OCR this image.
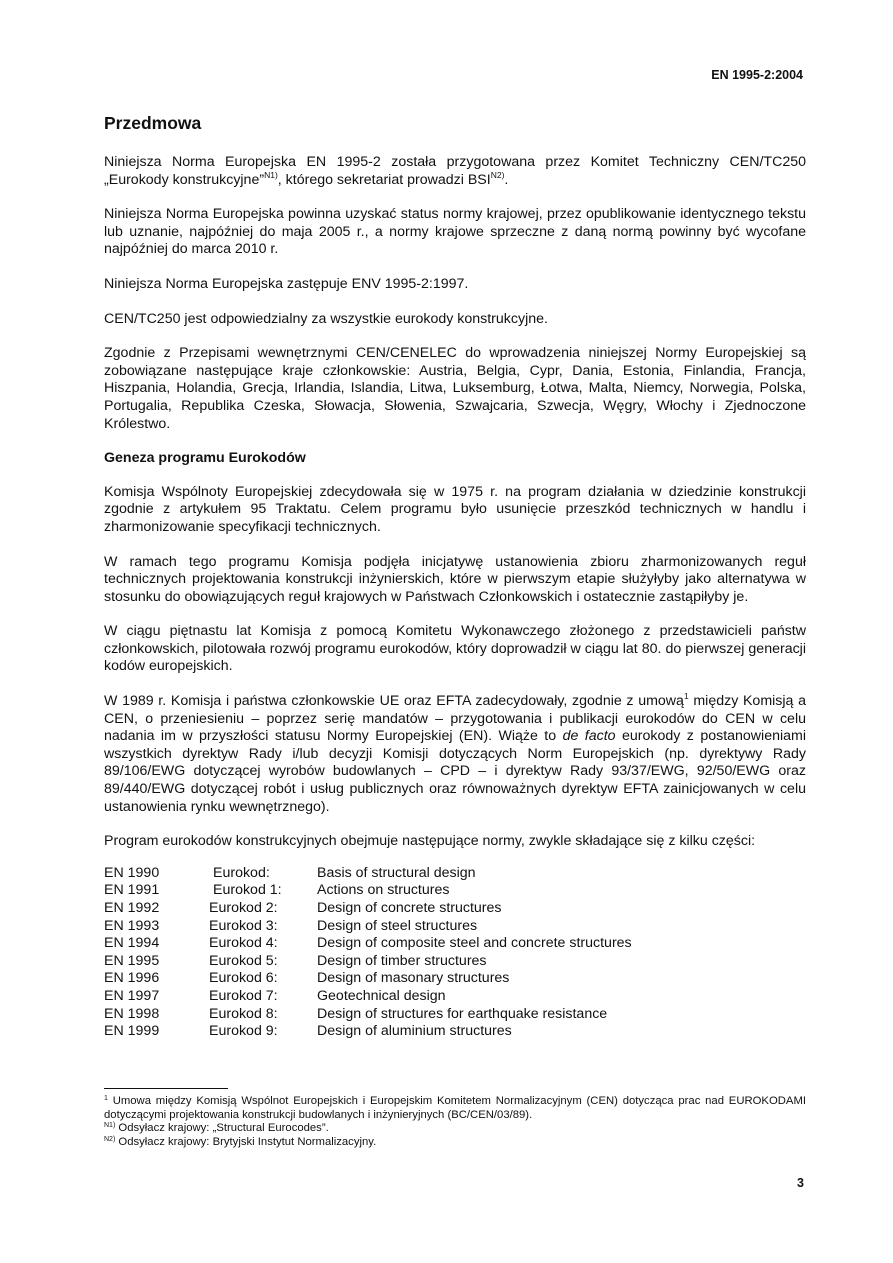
EN 1995-2:2004
Przedmowa

Niniejsza Norma Europejska EN 1995-2 została przygotowana przez Komitet Techniczny CEN/TC250 „Eurokody konstrukcyjne”$^{N1)}$, którego sekretariat prowadzi $BSI^{N2)}$.

Niniejsza Norma Europejska powinna uzyskać status normy krajowej, przez opublikowanie identycznego tekstu lub uznanie, najpóźniej do maja 2005 r., a normy krajowe sprzeczne z daną normą powinny być wycofane najpóźniej do marca 2010 r.

Niniejsza Norma Europejska zastępuje ENV 1995-2:1997.

CEN/TC250 jest odpowiedzialny za wszystkie eurokody konstrukcyjne.

Zgodnie z Przepisami wewnętrznymi CEN/CENELEC do wprowadzenia niniejszej Normy Europejskiej są zobowiązane następujące kraje członkowskie: Austria, Belgia, Cypr, Dania, Estonia, Finlandia, Francja, Hiszpania, Holandia, Grecja, Irlandia, Islandia, Litwa, Luksemburg, Łotwa, Malta, Niemcy, Norwegia, Polska, Portugalia, Republika Czeska, Słowacja, Słowenia, Szwajcaria, Szwecja, Węgry, Włochy i Zjednoczone Królestwo.

Geneza programu Eurokodów

Komisja Wspólnoty Europejskiej zdecydowała się w 1975 r. na program działania w dziedzinie konstrukcji zgodnie z artykułem 95 Traktatu. Celem programu było usunięcie przeszkód technicznych w handlu i zharmonizowanie specyfikacji technicznych.

W ramach tego programu Komisja podjęła inicjatywę ustanowienia zbioru zharmonizowanych reguł technicznych projektowania konstrukcji inżynierskich, które w pierwszym etapie służyłyby jako alternatywa w stosunku do obowiązujących reguł krajowych w Państwach Członkowskich i ostatecznie zastąpiłyby je.

W ciągu piętnastu lat Komisja z pomocą Komitetu Wykonawczego złożonego z przedstawicieli państw członkowskich, pilotowała rozwój programu eurokodów, który doprowadził w ciągu lat 80. do pierwszej generacji kodów europejskich.

W 1989 r. Komisja i państwa członkowskie UE oraz EFTA zadecydowały, zgodnie z umową$^1$ między Komisją a CEN, o przeniesieniu – poprzez serię mandatów – przygotowania i publikacji eurokodów do CEN w celu nadania im w przyszłości statusu Normy Europejskiej (EN). Wiąże to de facto eurokody z postanowieniami wszystkich dyrektyw Rady i/lub decyzji Komisji dotyczących Norm Europejskich (np. dyrektywy Rady 89/106/EWG dotyczącej wyrobów budowlanych – CPD – i dyrektyw Rady 93/37/EWG, 92/50/EWG oraz 89/440/EWG dotyczącej robót i usług publicznych oraz równoważnych dyrektyw EFTA zainicjowanych w celu ustanowienia rynku wewnętrznego).

Program eurokodów konstrukcyjnych obejmuje następujące normy, zwykle składające się z kilku części:

EN 1990	Eurokod:	Basis of structural design
EN 1991	Eurokod 1:	Actions on structures
EN 1992	Eurokod 2:	Design of concrete structures
EN 1993	Eurokod 3:	Design of steel structures
EN 1994	Eurokod 4:	Design of composite steel and concrete structures
EN 1995	Eurokod 5:	Design of timber structures
EN 1996	Eurokod 6:	Design of masonary structures
EN 1997	Eurokod 7:	Geotechnical design
EN 1998	Eurokod 8:	Design of structures for earthquake resistance
EN 1999	Eurokod 9:	Design of aluminium structures

$^1$ Umowa między Komisją Wspólnot Europejskich i Europejskim Komitetem Normalizacyjnym (CEN) dotycząca prac nad EUROKODAMI dotyczącymi projektowania konstrukcji budowlanych i inżynieryjnych (BC/CEN/03/89).

$^{N1)}$ Odsyłacz krajowy: „Structural Eurocodes”.

$^{N2)}$ Odsyłacz krajowy: Brytyjski Instytut Normalizacyjny.

3
